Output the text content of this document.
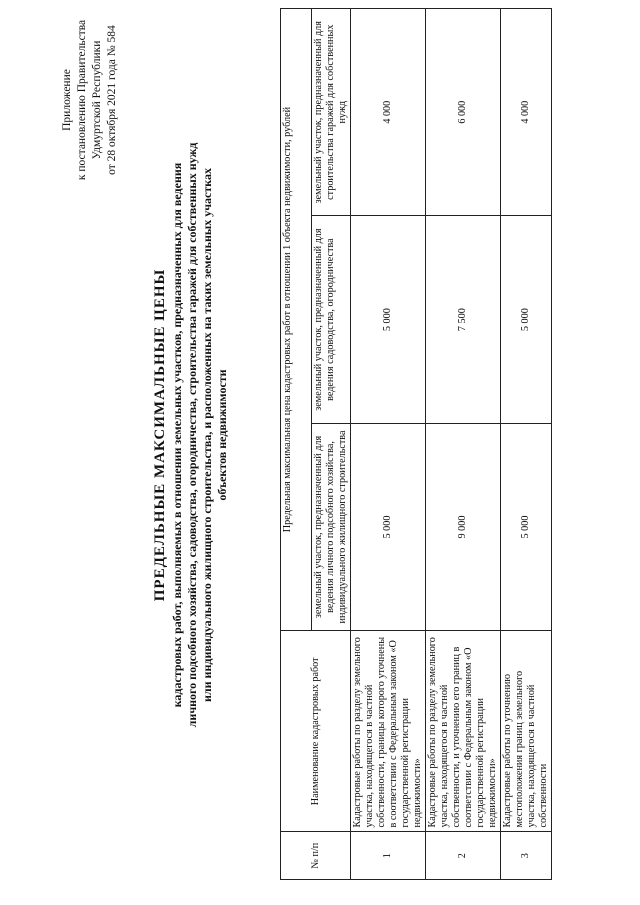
Приложение к постановлению Правительства Удмуртской Республики от 28 октября 2021 года № 584
ПРЕДЕЛЬНЫЕ МАКСИМАЛЬНЫЕ ЦЕНЫ кадастровых работ, выполняемых в отношении земельных участков, предназначенных для ведения личного подсобного хозяйства, садоводства, огородничества, строительства гаражей для собственных нужд или индивидуального жилищного строительства, и расположенных на таких земельных участках объектов недвижимости
№ п/п	Наименование кадастровых работ	Предельная максимальная цена кадастровых работ в отношении 1 объекта недвижимости, рублей		
		земельный участок, предназначенный для ведения личного подсобного хозяйства, индивидуального жилищного строительства	земельный участок, предназначенный для ведения садоводства, огородничества	земельный участок, предназначенный для строительства гаражей для собственных нужд
1	Кадастровые работы по разделу земельного участка, находящегося в частной собственности, границы которого уточнены в соответствии с Федеральным законом «О государственной регистрации недвижимости»	5 000	5 000	4 000
2	Кадастровые работы по разделу земельного участка, находящегося в частной собственности, и уточнению его границ в соответствии с Федеральным законом «О государственной регистрации недвижимости»	9 000	7 500	6 000
3	Кадастровые работы по уточнению местоположения границ земельного участка, находящегося в частной собственности	5 000	5 000	4 000
